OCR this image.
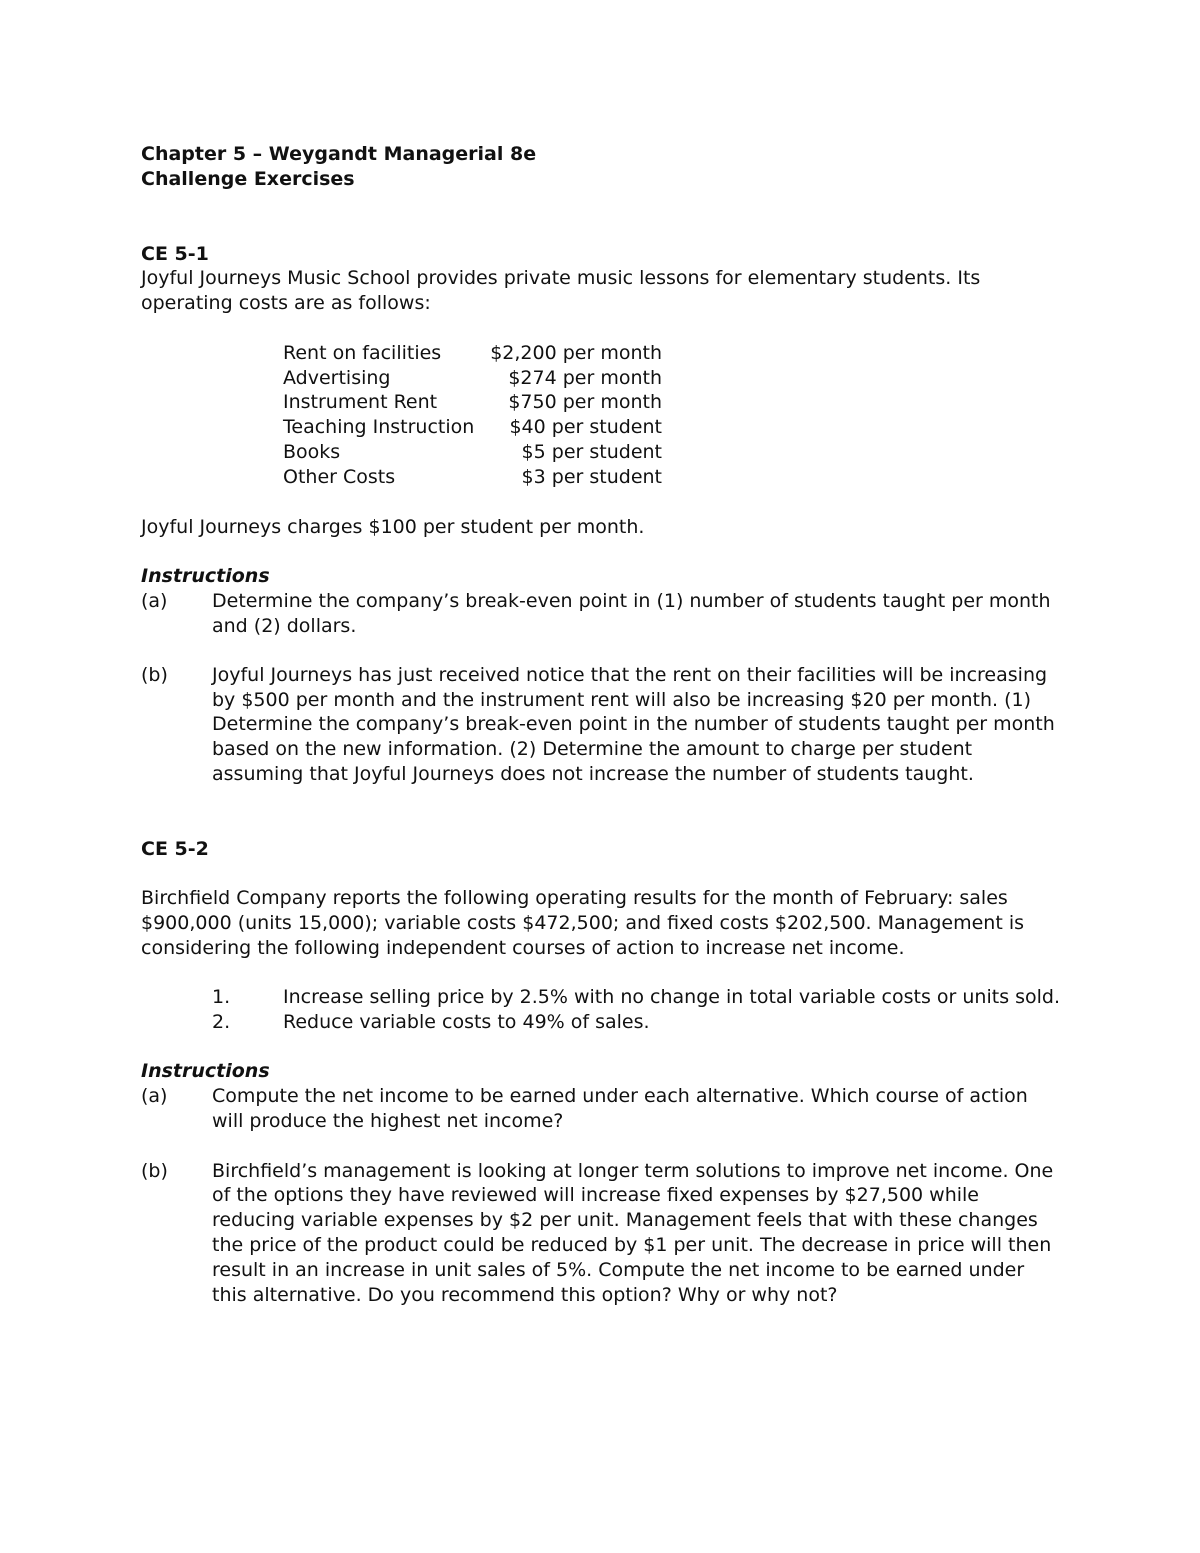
Chapter 5 – Weygandt Managerial 8e
Challenge Exercises
CE 5-1
Joyful Journeys Music School provides private music lessons for elementary students. Its
operating costs are as follows:
Rent on facilities	$2,200 per month
Advertising	$274 per month
Instrument Rent	$750 per month
Teaching Instruction $40 per student
Books	$5 per student
Other Costs	$3 per student
Joyful Journeys charges $100 per student per month.
Instructions
(a) Determine the company’s break-even point in (1) number of students taught per month
and (2) dollars.
(b) Joyful Journeys has just received notice that the rent on their facilities will be increasing
by $500 per month and the instrument rent will also be increasing $20 per month. (1)
Determine the company’s break-even point in the number of students taught per month
based on the new information. (2) Determine the amount to charge per student
assuming that Joyful Journeys does not increase the number of students taught.
CE 5-2
Birchfield Company reports the following operating results for the month of February: sales
$900,000 (units 15,000); variable costs $472,500; and fixed costs $202,500. Management is
considering the following independent courses of action to increase net income.
1.	Increase selling price by 2.5% with no change in total variable costs or units sold.
2.	Reduce variable costs to 49% of sales.
Instructions
(a) Compute the net income to be earned under each alternative. Which course of action
will produce the highest net income?
(b) Birchfield’s management is looking at longer term solutions to improve net income. One
of the options they have reviewed will increase fixed expenses by $27,500 while
reducing variable expenses by $2 per unit. Management feels that with these changes
the price of the product could be reduced by $1 per unit. The decrease in price will then
result in an increase in unit sales of 5%. Compute the net income to be earned under
this alternative. Do you recommend this option? Why or why not?
